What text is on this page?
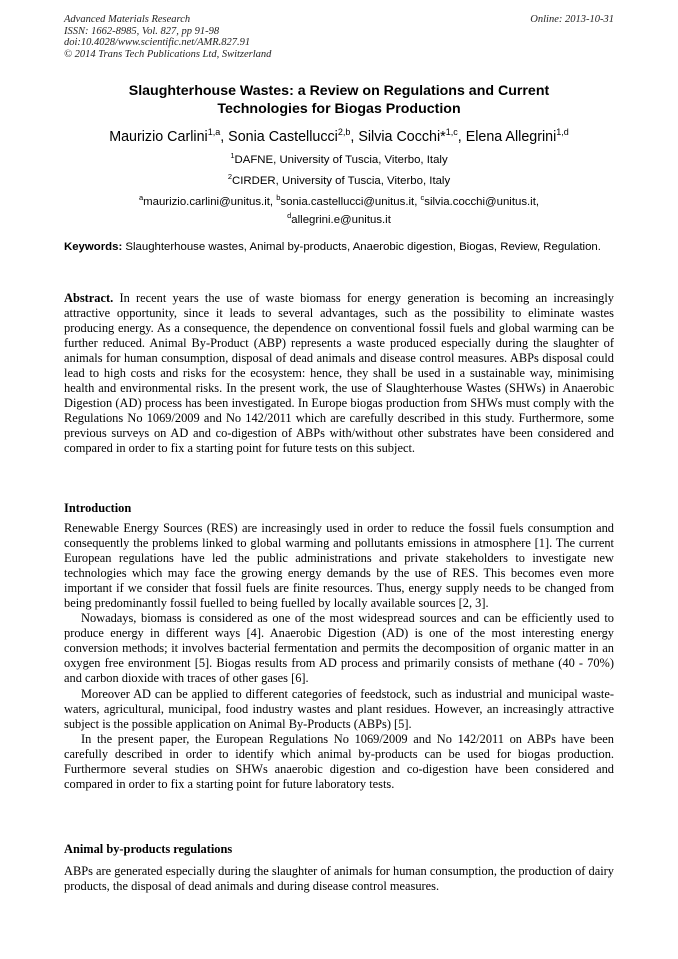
Advanced Materials Research
ISSN: 1662-8985, Vol. 827, pp 91-98
doi:10.4028/www.scientific.net/AMR.827.91
© 2014 Trans Tech Publications Ltd, Switzerland
Online: 2013-10-31
Slaughterhouse Wastes: a Review on Regulations and Current
Technologies for Biogas Production
Maurizio Carlini$^{1,a}$, Sonia Castellucci$^{2,b}$, Silvia Cocchi*$^{1,c}$, Elena Allegrini$^{1,d}$
$^1$DAFNE, University of Tuscia, Viterbo, Italy
$^2$CIRDER, University of Tuscia, Viterbo, Italy
$^a$maurizio.carlini@unitus.it, $^b$sonia.castellucci@unitus.it, $^c$silvia.cocchi@unitus.it,
$^d$allegrini.e@unitus.it
Keywords: Slaughterhouse wastes, Animal by-products, Anaerobic digestion, Biogas, Review, Regulation.

Abstract. In recent years the use of waste biomass for energy generation is becoming an increasingly attractive opportunity, since it leads to several advantages, such as the possibility to eliminate wastes producing energy. As a consequence, the dependence on conventional fossil fuels and global warming can be further reduced. Animal By-Product (ABP) represents a waste produced especially during the slaughter of animals for human consumption, disposal of dead animals and disease control measures. ABPs disposal could lead to high costs and risks for the ecosystem: hence, they shall be used in a sustainable way, minimising health and environmental risks. In the present work, the use of Slaughterhouse Wastes (SHWs) in Anaerobic Digestion (AD) process has been investigated. In Europe biogas production from SHWs must comply with the Regulations No 1069/2009 and No 142/2011 which are carefully described in this study. Furthermore, some previous surveys on AD and co-digestion of ABPs with/without other substrates have been considered and compared in order to fix a starting point for future tests on this subject.

Introduction

Renewable Energy Sources (RES) are increasingly used in order to reduce the fossil fuels consumption and consequently the problems linked to global warming and pollutants emissions in atmosphere [1]. The current European regulations have led the public administrations and private stakeholders to investigate new technologies which may face the growing energy demands by the use of RES. This becomes even more important if we consider that fossil fuels are finite resources. Thus, energy supply needs to be changed from being predominantly fossil fuelled to being fuelled by locally available sources [2, 3].

Nowadays, biomass is considered as one of the most widespread sources and can be efficiently used to produce energy in different ways [4]. Anaerobic Digestion (AD) is one of the most interesting energy conversion methods; it involves bacterial fermentation and permits the decomposition of organic matter in an oxygen free environment [5]. Biogas results from AD process and primarily consists of methane (40 - 70%) and carbon dioxide with traces of other gases [6].

Moreover AD can be applied to different categories of feedstock, such as industrial and municipal waste-waters, agricultural, municipal, food industry wastes and plant residues. However, an increasingly attractive subject is the possible application on Animal By-Products (ABPs) [5].

In the present paper, the European Regulations No 1069/2009 and No 142/2011 on ABPs have been carefully described in order to identify which animal by-products can be used for biogas production. Furthermore several studies on SHWs anaerobic digestion and co-digestion have been considered and compared in order to fix a starting point for future laboratory tests.

Animal by-products regulations

ABPs are generated especially during the slaughter of animals for human consumption, the production of dairy products, the disposal of dead animals and during disease control measures.
